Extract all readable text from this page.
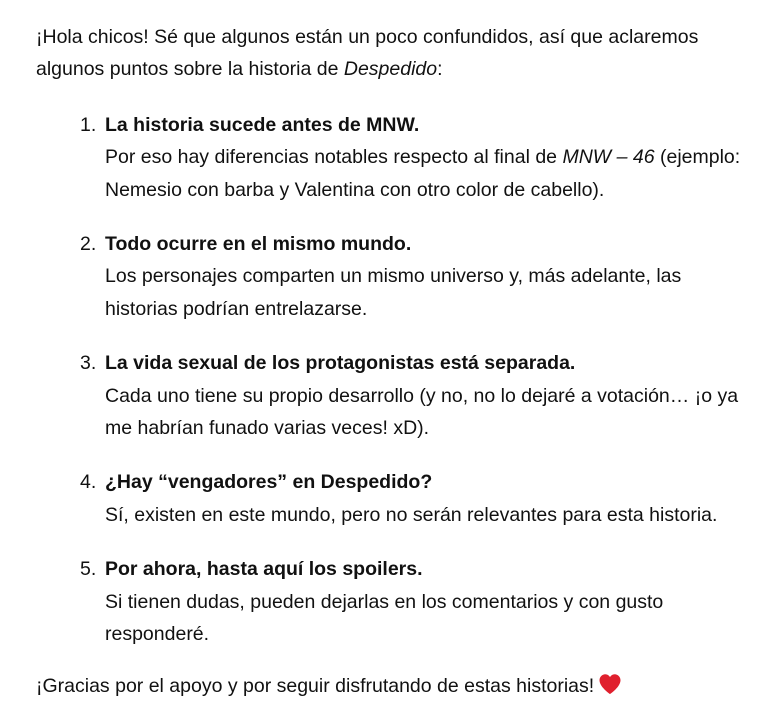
¡Hola chicos! Sé que algunos están un poco confundidos, así que aclaremos algunos puntos sobre la historia de Despedido:

1. La historia sucede antes de MNW.
Por eso hay diferencias notables respecto al final de MNW – 46 (ejemplo: Nemesio con barba y Valentina con otro color de cabello).
2. Todo ocurre en el mismo mundo.
Los personajes comparten un mismo universo y, más adelante, las historias podrían entrelazarse.
3. La vida sexual de los protagonistas está separada.
Cada uno tiene su propio desarrollo (y no, no lo dejaré a votación… ¡o ya me habrían funado varias veces! xD).
4. ¿Hay “vengadores” en Despedido?
Sí, existen en este mundo, pero no serán relevantes para esta historia.
5. Por ahora, hasta aquí los spoilers.
Si tienen dudas, pueden dejarlas en los comentarios y con gusto responderé.

¡Gracias por el apoyo y por seguir disfrutando de estas historias!
